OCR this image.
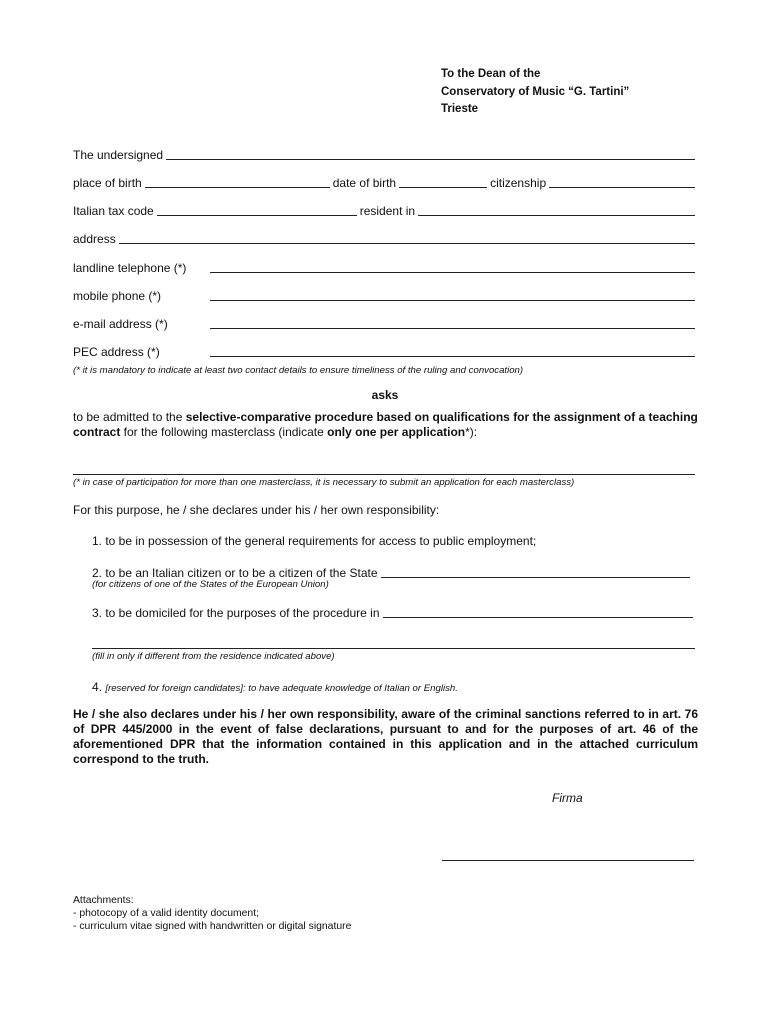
To the Dean of the
Conservatory of Music “G. Tartini”
Trieste
The undersigned
place of birth	date of birth	citizenship
Italian tax code	resident in
address
landline telephone (*)
mobile phone (*)
e-mail address (*)
PEC address (*)
(* it is mandatory to indicate at least two contact details to ensure timeliness of the ruling and convocation)
asks
to be admitted to the selective-comparative procedure based on qualifications for the assignment of a teaching contract for the following masterclass (indicate only one per application*):
(* in case of participation for more than one masterclass, it is necessary to submit an application for each masterclass)
For this purpose, he / she declares under his / her own responsibility:
1. to be in possession of the general requirements for access to public employment;
2. to be an Italian citizen or to be a citizen of the State
(for citizens of one of the States of the European Union)
3. to be domiciled for the purposes of the procedure in
(fill in only if different from the residence indicated above)
4. [reserved for foreign candidates]: to have adequate knowledge of Italian or English.
He / she also declares under his / her own responsibility, aware of the criminal sanctions referred to in art. 76 of DPR 445/2000 in the event of false declarations, pursuant to and for the purposes of art. 46 of the aforementioned DPR that the information contained in this application and in the attached curriculum correspond to the truth.
Firma
Attachments:
- photocopy of a valid identity document;
- curriculum vitae signed with handwritten or digital signature
